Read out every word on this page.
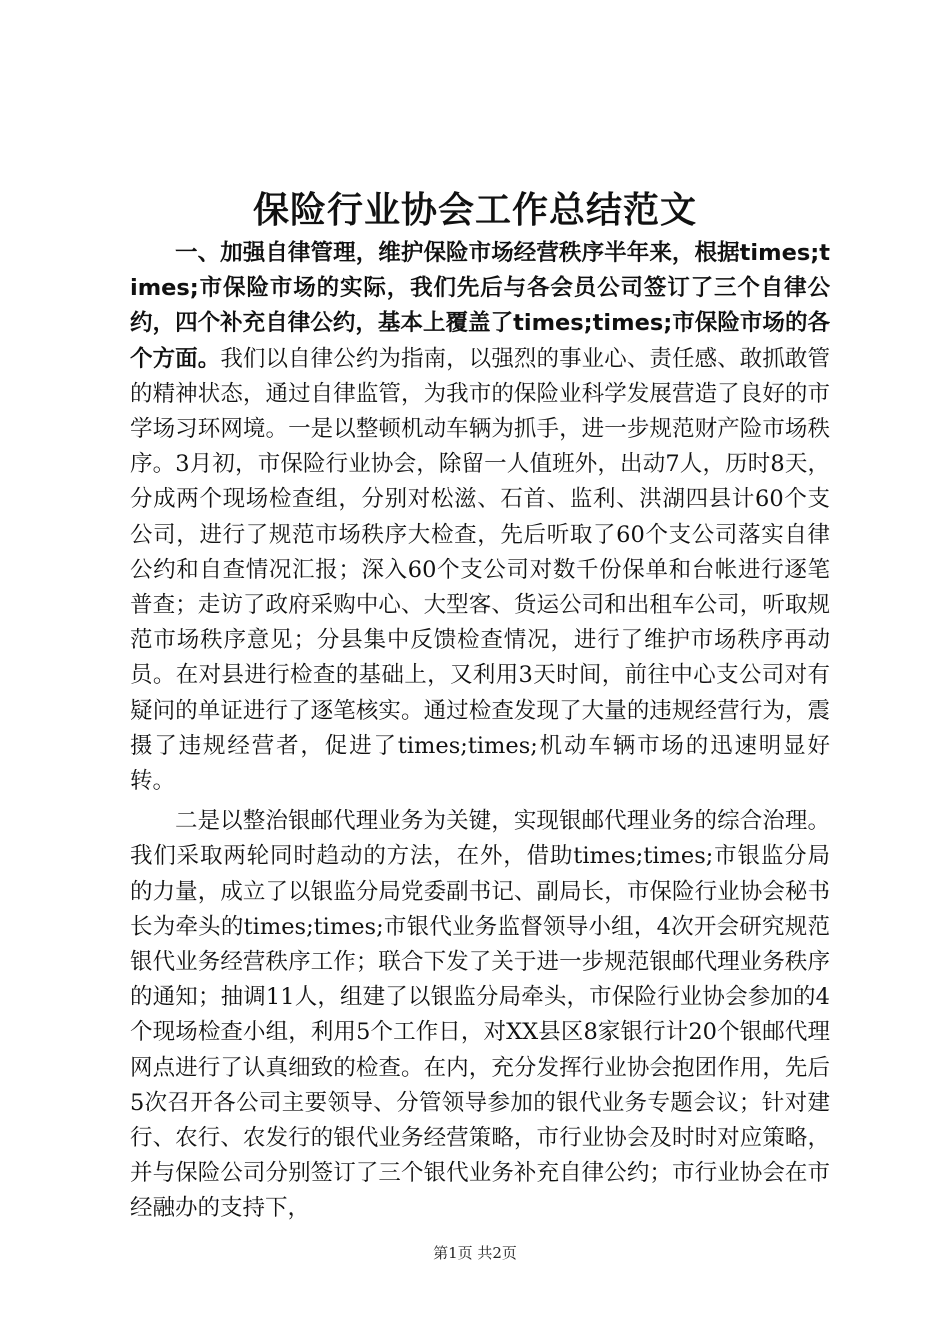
保险行业协会工作总结范文

一、加强自律管理，维护保险市场经营秩序半年来，根据times;times;市保险市场的实际，我们先后与各会员公司签订了三个自律公约，四个补充自律公约，基本上覆盖了times;times;市保险市场的各个方面。我们以自律公约为指南，以强烈的事业心、责任感、敢抓敢管的精神状态，通过自律监管，为我市的保险业科学发展营造了良好的市学场习环网境。一是以整顿机动车辆为抓手，进一步规范财产险市场秩序。3月初，市保险行业协会，除留一人值班外，出动7人，历时8天，分成两个现场检查组，分别对松滋、石首、监利、洪湖四县计60个支公司，进行了规范市场秩序大检查，先后听取了60个支公司落实自律公约和自查情况汇报；深入60个支公司对数千份保单和台帐进行逐笔普查；走访了政府采购中心、大型客、货运公司和出租车公司，听取规范市场秩序意见；分县集中反馈检查情况，进行了维护市场秩序再动员。在对县进行检查的基础上，又利用3天时间，前往中心支公司对有疑问的单证进行了逐笔核实。通过检查发现了大量的违规经营行为，震摄了违规经营者，促进了times;times;机动车辆市场的迅速明显好转。

二是以整治银邮代理业务为关键，实现银邮代理业务的综合治理。我们采取两轮同时趋动的方法，在外，借助times;times;市银监分局的力量，成立了以银监分局党委副书记、副局长，市保险行业协会秘书长为牵头的times;times;市银代业务监督领导小组，4次开会研究规范银代业务经营秩序工作；联合下发了关于进一步规范银邮代理业务秩序的通知；抽调11人，组建了以银监分局牵头，市保险行业协会参加的4个现场检查小组，利用5个工作日，对XX县区8家银行计20个银邮代理网点进行了认真细致的检查。在内，充分发挥行业协会抱团作用，先后5次召开各公司主要领导、分管领导参加的银代业务专题会议；针对建行、农行、农发行的银代业务经营策略，市行业协会及时时对应策略，并与保险公司分别签订了三个银代业务补充自律公约；市行业协会在市经融办的支持下，

第1页 共2页
